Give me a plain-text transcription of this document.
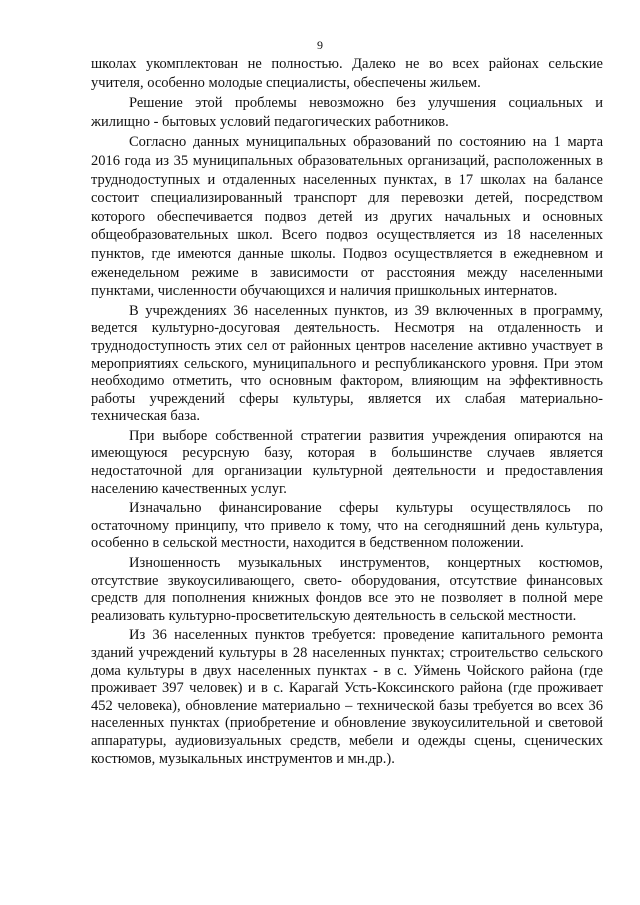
9

школах укомплектован не полностью. Далеко не во всех районах сельские учителя, особенно молодые специалисты, обеспечены жильем.

Решение этой проблемы невозможно без улучшения социальных и жилищно - бытовых условий педагогических работников.

Согласно данных муниципальных образований по состоянию на 1 марта 2016 года из 35 муниципальных образовательных организаций, расположенных в труднодоступных и отдаленных населенных пунктах, в 17 школах на балансе состоит специализированный транспорт для перевозки детей, посредством которого обеспечивается подвоз детей из других начальных и основных общеобразовательных школ. Всего подвоз осуществляется из 18 населенных пунктов, где имеются данные школы. Подвоз осуществляется в ежедневном и еженедельном режиме в зависимости от расстояния между населенными пунктами, численности обучающихся и наличия пришкольных интернатов.

В учреждениях 36 населенных пунктов, из 39 включенных в программу, ведется культурно-досуговая деятельность. Несмотря на отдаленность и труднодоступность этих сел от районных центров население активно участвует в мероприятиях сельского, муниципального и республиканского уровня. При этом необходимо отметить, что основным фактором, влияющим на эффективность работы учреждений сферы культуры, является их слабая материально-техническая база.

При выборе собственной стратегии развития учреждения опираются на имеющуюся ресурсную базу, которая в большинстве случаев является недостаточной для организации культурной деятельности и предоставления населению качественных услуг.

Изначально финансирование сферы культуры осуществлялось по остаточному принципу, что привело к тому, что на сегодняшний день культура, особенно в сельской местности, находится в бедственном положении.

Изношенность музыкальных инструментов, концертных костюмов, отсутствие звукоусиливающего, свето- оборудования, отсутствие финансовых средств для пополнения книжных фондов все это не позволяет в полной мере реализовать культурно-просветительскую деятельность в сельской местности.

Из 36 населенных пунктов требуется: проведение капитального ремонта зданий учреждений культуры в 28 населенных пунктах; строительство сельского дома культуры в двух населенных пунктах - в с. Уймень Чойского района (где проживает 397 человек) и в с. Карагай Усть-Коксинского района (где проживает 452 человека), обновление материально – технической базы требуется во всех 36 населенных пунктах (приобретение и обновление звукоусилительной и световой аппаратуры, аудиовизуальных средств, мебели и одежды сцены, сценических костюмов, музыкальных инструментов и мн.др.).
